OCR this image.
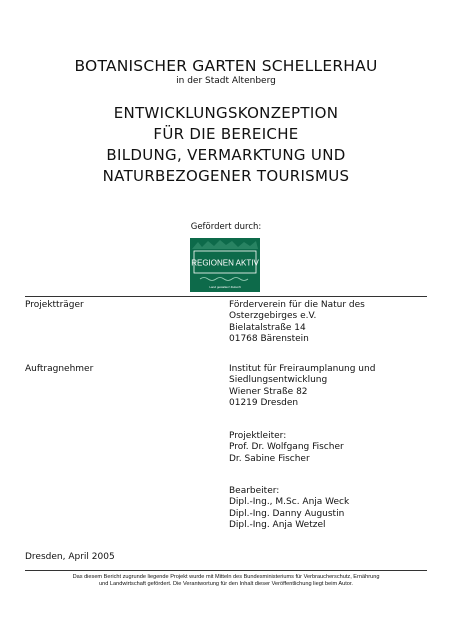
BOTANISCHER GARTEN SCHELLERHAU
in der Stadt Altenberg
ENTWICKLUNGSKONZEPTION
FÜR DIE BEREICHE
BILDUNG, VERMARKTUNG UND
NATURBEZOGENER TOURISMUS
Gefördert durch:
REGIONEN AKTIV
Land gestalten! Zukunft
Projektträger	Förderverein für die Natur des
Osterzgebirges e.V.
Bielatalstraße 14
01768 Bärenstein
Auftragnehmer	Institut für Freiraumplanung und
Siedlungsentwicklung
Wiener Straße 82
01219 Dresden
Projektleiter:
Prof. Dr. Wolfgang Fischer
Dr. Sabine Fischer
Bearbeiter:
Dipl.-Ing., M.Sc. Anja Weck
Dipl.-Ing. Danny Augustin
Dipl.-Ing. Anja Wetzel
Dresden, April 2005
Das diesem Bericht zugrunde liegende Projekt wurde mit Mitteln des Bundesministeriums für Verbraucherschutz, Ernährung
und Landwirtschaft gefördert. Die Verantwortung für den Inhalt dieser Veröffentlichung liegt beim Autor.
